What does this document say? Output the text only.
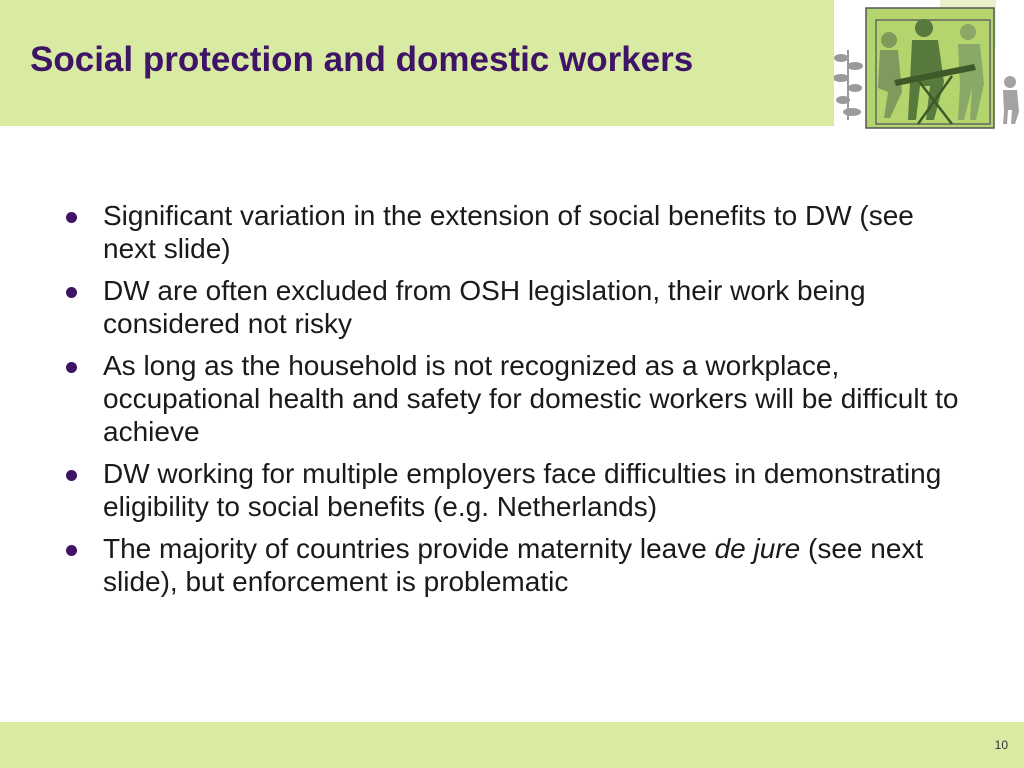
Social protection and domestic workers
Significant variation in the extension of social benefits to DW (see next slide)
DW are often excluded from OSH legislation, their work being considered not risky
As long as the household is not recognized as a workplace, occupational health and safety for domestic workers will be difficult to achieve
DW working for multiple employers face difficulties in demonstrating eligibility to social benefits (e.g. Netherlands)
The majority of countries provide maternity leave de jure (see next slide), but enforcement is problematic
10
